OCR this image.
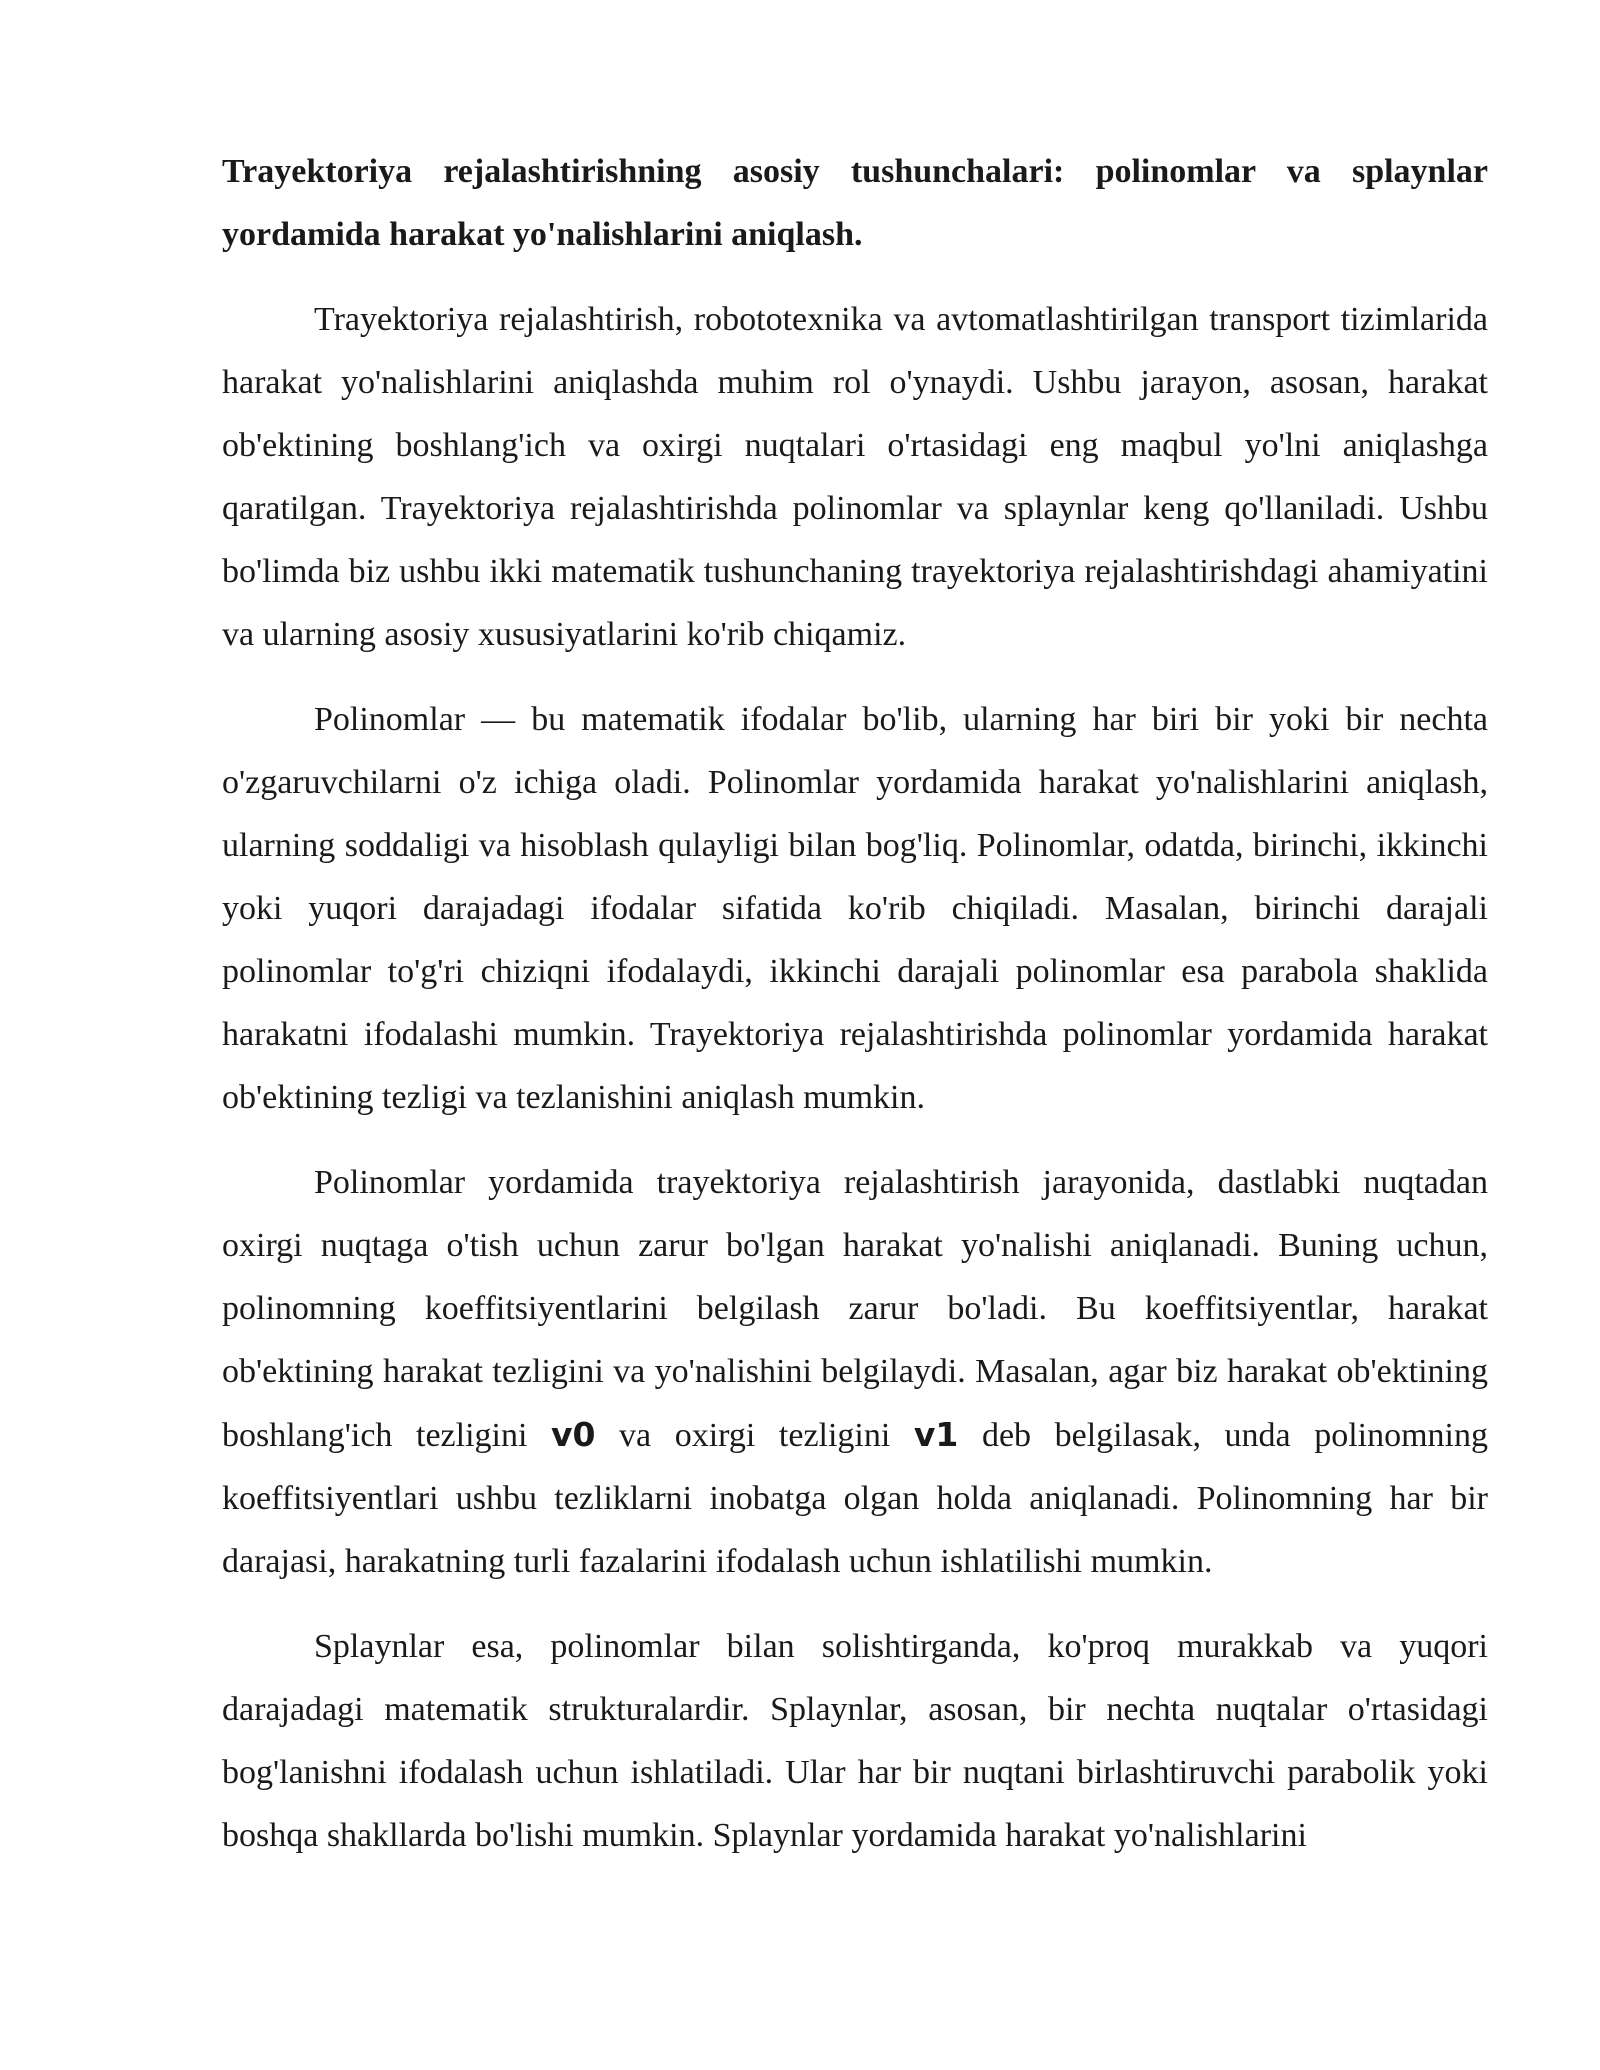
Trayektoriya rejalashtirishning asosiy tushunchalari: polinomlar va splaynlar yordamida harakat yo'nalishlarini aniqlash.

Trayektoriya rejalashtirish, robototexnika va avtomatlashtirilgan transport tizimlarida harakat yo'nalishlarini aniqlashda muhim rol o'ynaydi. Ushbu jarayon, asosan, harakat ob'ektining boshlang'ich va oxirgi nuqtalari o'rtasidagi eng maqbul yo'lni aniqlashga qaratilgan. Trayektoriya rejalashtirishda polinomlar va splaynlar keng qo'llaniladi. Ushbu bo'limda biz ushbu ikki matematik tushunchaning trayektoriya rejalashtirishdagi ahamiyatini va ularning asosiy xususiyatlarini ko'rib chiqamiz.

Polinomlar — bu matematik ifodalar bo'lib, ularning har biri bir yoki bir nechta o'zgaruvchilarni o'z ichiga oladi. Polinomlar yordamida harakat yo'nalishlarini aniqlash, ularning soddaligi va hisoblash qulayligi bilan bog'liq. Polinomlar, odatda, birinchi, ikkinchi yoki yuqori darajadagi ifodalar sifatida ko'rib chiqiladi. Masalan, birinchi darajali polinomlar to'g'ri chiziqni ifodalaydi, ikkinchi darajali polinomlar esa parabola shaklida harakatni ifodalashi mumkin. Trayektoriya rejalashtirishda polinomlar yordamida harakat ob'ektining tezligi va tezlanishini aniqlash mumkin.

Polinomlar yordamida trayektoriya rejalashtirish jarayonida, dastlabki nuqtadan oxirgi nuqtaga o'tish uchun zarur bo'lgan harakat yo'nalishi aniqlanadi. Buning uchun, polinomning koeffitsiyentlarini belgilash zarur bo'ladi. Bu koeffitsiyentlar, harakat ob'ektining harakat tezligini va yo'nalishini belgilaydi. Masalan, agar biz harakat ob'ektining boshlang'ich tezligini v0 va oxirgi tezligini v1 deb belgilasak, unda polinomning koeffitsiyentlari ushbu tezliklarni inobatga olgan holda aniqlanadi. Polinomning har bir darajasi, harakatning turli fazalarini ifodalash uchun ishlatilishi mumkin.

Splaynlar esa, polinomlar bilan solishtirganda, ko'proq murakkab va yuqori darajadagi matematik strukturalardir. Splaynlar, asosan, bir nechta nuqtalar o'rtasidagi bog'lanishni ifodalash uchun ishlatiladi. Ular har bir nuqtani birlashtiruvchi parabolik yoki boshqa shakllarda bo'lishi mumkin. Splaynlar yordamida harakat yo'nalishlarini
